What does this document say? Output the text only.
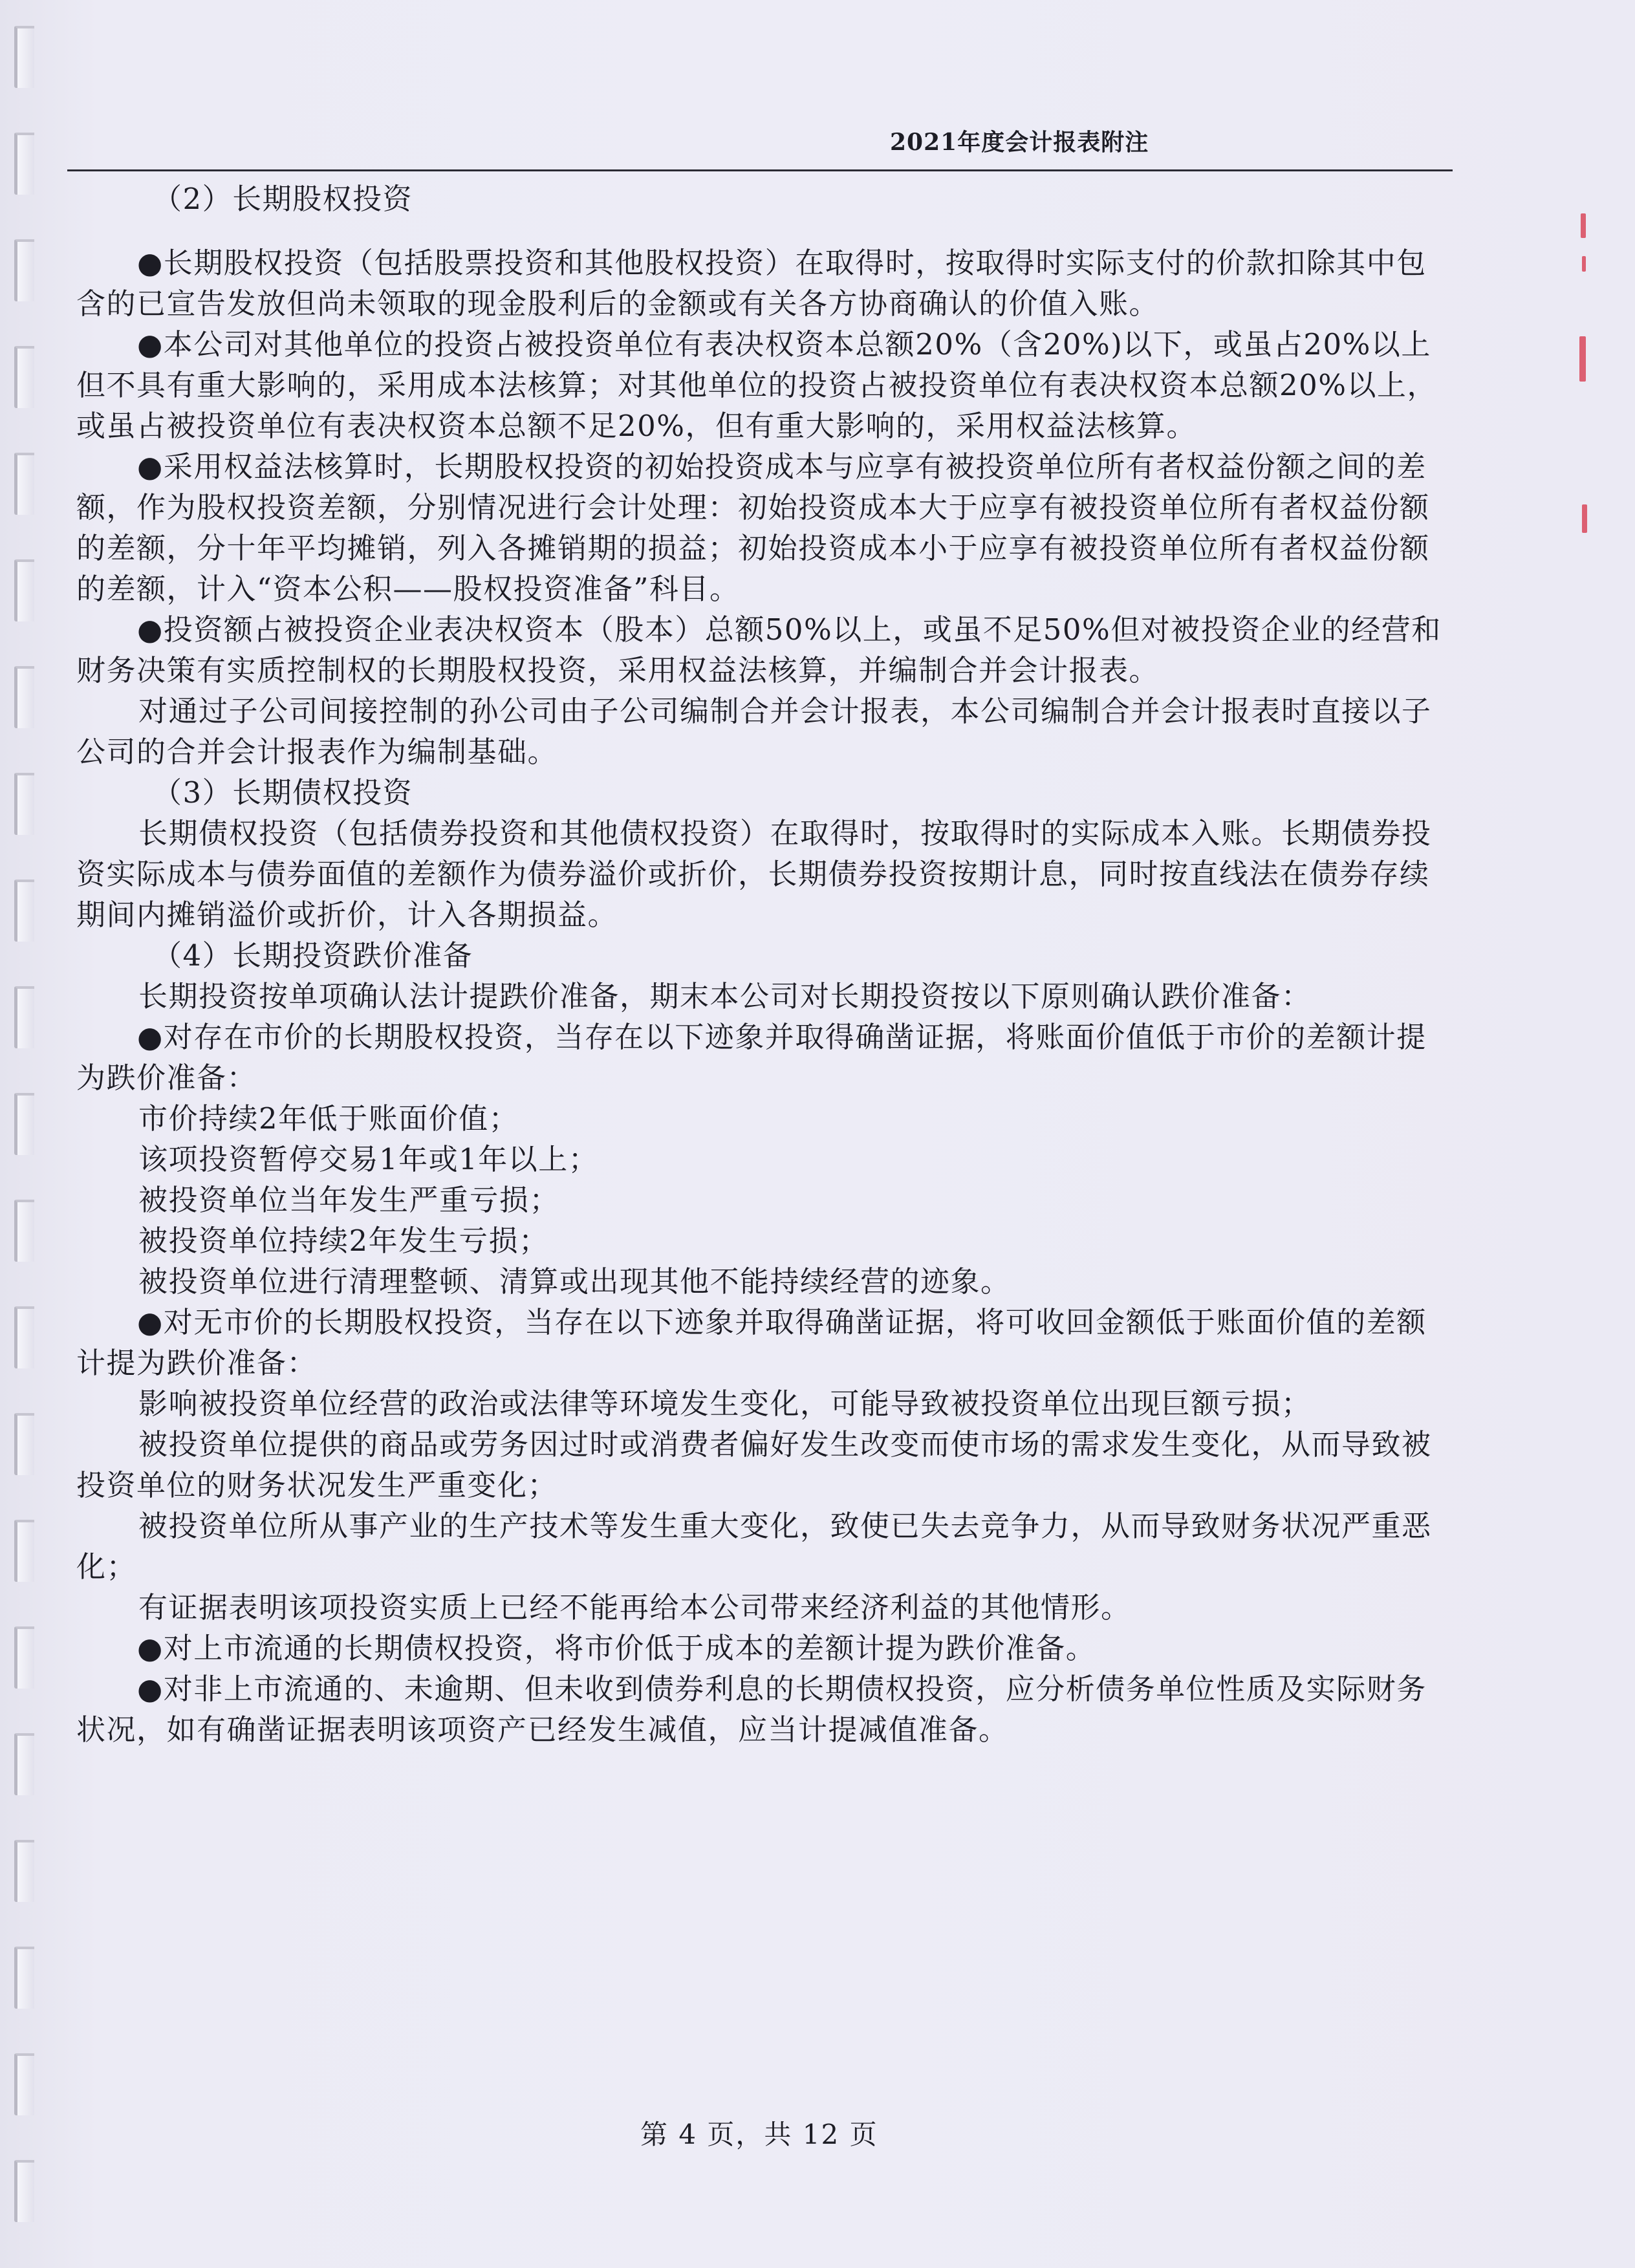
2021年度会计报表附注

（2）长期股权投资

●长期股权投资（包括股票投资和其他股权投资）在取得时，按取得时实际支付的价款扣除其中包含的已宣告发放但尚未领取的现金股利后的金额或有关各方协商确认的价值入账。

●本公司对其他单位的投资占被投资单位有表决权资本总额20%（含20%)以下，或虽占20%以上但不具有重大影响的，采用成本法核算；对其他单位的投资占被投资单位有表决权资本总额20%以上，或虽占被投资单位有表决权资本总额不足20%，但有重大影响的，采用权益法核算。

●采用权益法核算时，长期股权投资的初始投资成本与应享有被投资单位所有者权益份额之间的差额，作为股权投资差额，分别情况进行会计处理：初始投资成本大于应享有被投资单位所有者权益份额的差额，分十年平均摊销，列入各摊销期的损益；初始投资成本小于应享有被投资单位所有者权益份额的差额，计入“资本公积——股权投资准备”科目。

●投资额占被投资企业表决权资本（股本）总额50%以上，或虽不足50%但对被投资企业的经营和财务决策有实质控制权的长期股权投资，采用权益法核算，并编制合并会计报表。

对通过子公司间接控制的孙公司由子公司编制合并会计报表，本公司编制合并会计报表时直接以子公司的合并会计报表作为编制基础。

（3）长期债权投资

长期债权投资（包括债券投资和其他债权投资）在取得时，按取得时的实际成本入账。长期债券投资实际成本与债券面值的差额作为债券溢价或折价，长期债券投资按期计息，同时按直线法在债券存续期间内摊销溢价或折价，计入各期损益。

（4）长期投资跌价准备

长期投资按单项确认法计提跌价准备，期末本公司对长期投资按以下原则确认跌价准备：

●对存在市价的长期股权投资，当存在以下迹象并取得确凿证据，将账面价值低于市价的差额计提为跌价准备：

市价持续2年低于账面价值；

该项投资暂停交易1年或1年以上；

被投资单位当年发生严重亏损；

被投资单位持续2年发生亏损；

被投资单位进行清理整顿、清算或出现其他不能持续经营的迹象。

●对无市价的长期股权投资，当存在以下迹象并取得确凿证据，将可收回金额低于账面价值的差额计提为跌价准备：

影响被投资单位经营的政治或法律等环境发生变化，可能导致被投资单位出现巨额亏损；

被投资单位提供的商品或劳务因过时或消费者偏好发生改变而使市场的需求发生变化，从而导致被投资单位的财务状况发生严重变化；

被投资单位所从事产业的生产技术等发生重大变化，致使已失去竞争力，从而导致财务状况严重恶化；

有证据表明该项投资实质上已经不能再给本公司带来经济利益的其他情形。

●对上市流通的长期债权投资，将市价低于成本的差额计提为跌价准备。

●对非上市流通的、未逾期、但未收到债券利息的长期债权投资，应分析债务单位性质及实际财务状况，如有确凿证据表明该项资产已经发生减值，应当计提减值准备。

第 4 页，共 12 页
